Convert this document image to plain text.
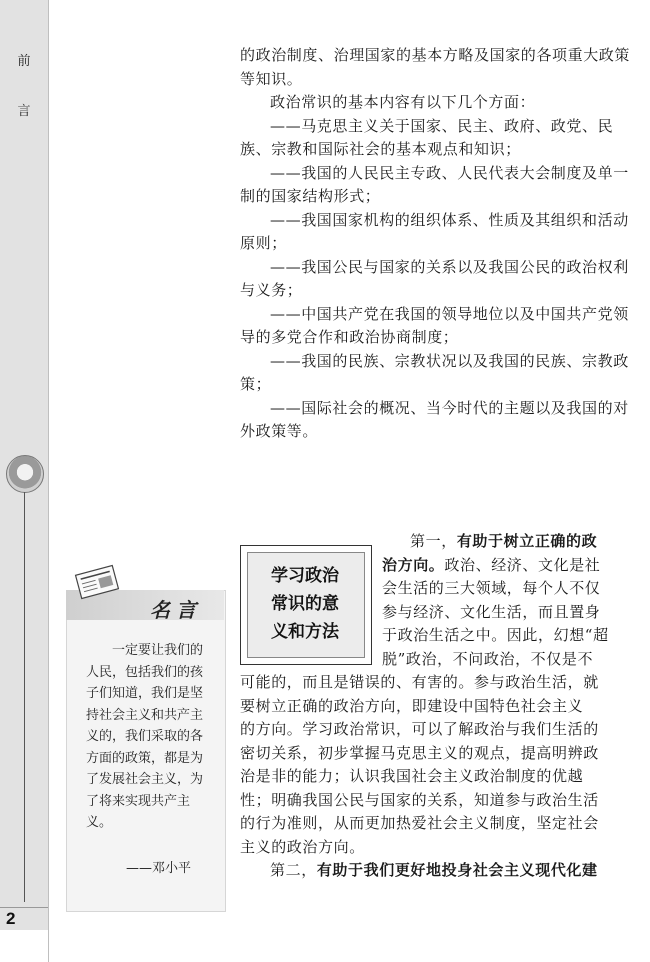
前
言
2

的政治制度、治理国家的基本方略及国家的各项重大政策等知识。

政治常识的基本内容有以下几个方面：

——马克思主义关于国家、民主、政府、政党、民族、宗教和国际社会的基本观点和知识；

——我国的人民民主专政、人民代表大会制度及单一制的国家结构形式；

——我国国家机构的组织体系、性质及其组织和活动原则；

——我国公民与国家的关系以及我国公民的政治权利与义务；

——中国共产党在我国的领导地位以及中国共产党领导的多党合作和政治协商制度；

——我国的民族、宗教状况以及我国的民族、宗教政策；

——国际社会的概况、当今时代的主题以及我国的对外政策等。

名言
一定要让我们的人民，包括我们的孩子们知道，我们是坚持社会主义和共产主义的，我们采取的各方面的政策，都是为了发展社会主义，为了将来实现共产主义。
——邓小平
学习政治
常识的意
义和方法
第一，有助于树立正确的政
治方向。政治、经济、文化是社
会生活的三大领域，每个人不仅
参与经济、文化生活，而且置身
于政治生活之中。因此，幻想“超
脱”政治，不问政治，不仅是不
可能的，而且是错误的、有害的。参与政治生活，就
要树立正确的政治方向，即建设中国特色社会主义
的方向。学习政治常识，可以了解政治与我们生活的
密切关系，初步掌握马克思主义的观点，提高明辨政
治是非的能力；认识我国社会主义政治制度的优越
性；明确我国公民与国家的关系，知道参与政治生活
的行为准则，从而更加热爱社会主义制度，坚定社会
主义的政治方向。
第二，有助于我们更好地投身社会主义现代化建
